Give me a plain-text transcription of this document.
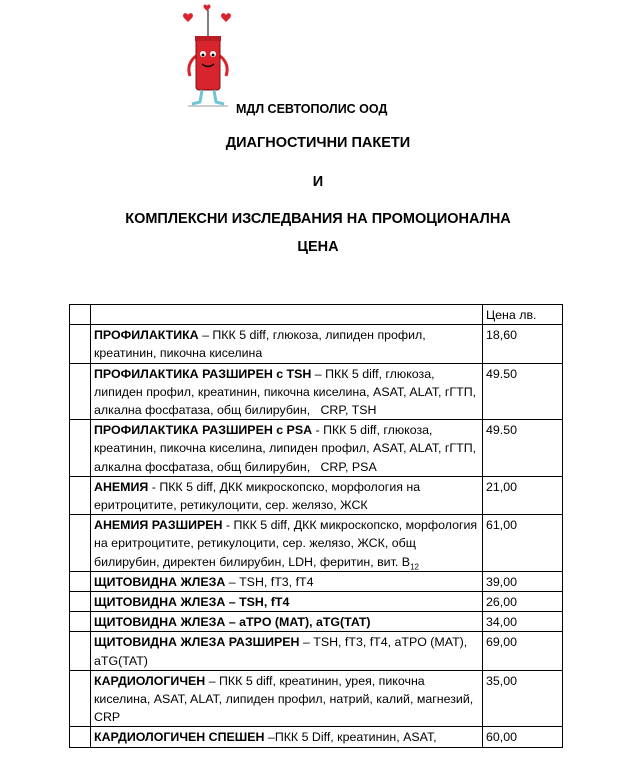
МДЛ СЕВТОПОЛИС ООД
ДИАГНОСТИЧНИ ПАКЕТИ
И
КОМПЛЕКСНИ ИЗСЛЕДВАНИЯ НА ПРОМОЦИОНАЛНА
ЦЕНА
		Цена лв.
	ПРОФИЛАКТИКА – ПКК 5 diff, глюкоза, липиден профил, креатинин, пикочна киселина	18,60
	ПРОФИЛАКТИКА РАЗШИРЕН с TSH – ПКК 5 diff, глюкоза, липиден профил, креатинин, пикочна киселина, ASAT, ALAT, гГТП, алкална фосфатаза, общ билирубин,   CRP, TSH	49.50
	ПРОФИЛАКТИКА РАЗШИРЕН с PSA - ПКК 5 diff, глюкоза, креатинин, пикочна киселина, липиден профил, ASAT, ALAT, гГТП, алкална фосфатаза, общ билирубин,   CRP, PSA	49.50
	АНЕМИЯ - ПКК 5 diff, ДКК микроскопско, морфология на еритроцитите, ретикулоцити, сер. желязо, ЖСК	21,00
	АНЕМИЯ РАЗШИРЕН - ПКК 5 diff, ДКК микроскопско, морфология на еритроцитите, ретикулоцити, сер. желязо, ЖСК, общ билирубин, директен билирубин, LDH, феритин, вит. $B_{12}$	61,00
	ЩИТОВИДНА ЖЛЕЗА – TSH, fT3, fT4	39,00
	ЩИТОВИДНА ЖЛЕЗА – TSH, fT4	26,00
	ЩИТОВИДНА ЖЛЕЗА – aTPO (MAT), aTG(TAT)	34,00
	ЩИТОВИДНА ЖЛЕЗА РАЗШИРЕН – TSH, fT3, fT4, aTPO (MAT), aTG(TAT)	69,00
	КАРДИОЛОГИЧЕН – ПКК 5 diff, креатинин, урея, пикочна киселина, ASAT, ALAT, липиден профил, натрий, калий, магнезий, CRP	35,00
	КАРДИОЛОГИЧЕН СПЕШЕН –ПКК 5 Diff, креатинин, ASAT,	60,00
